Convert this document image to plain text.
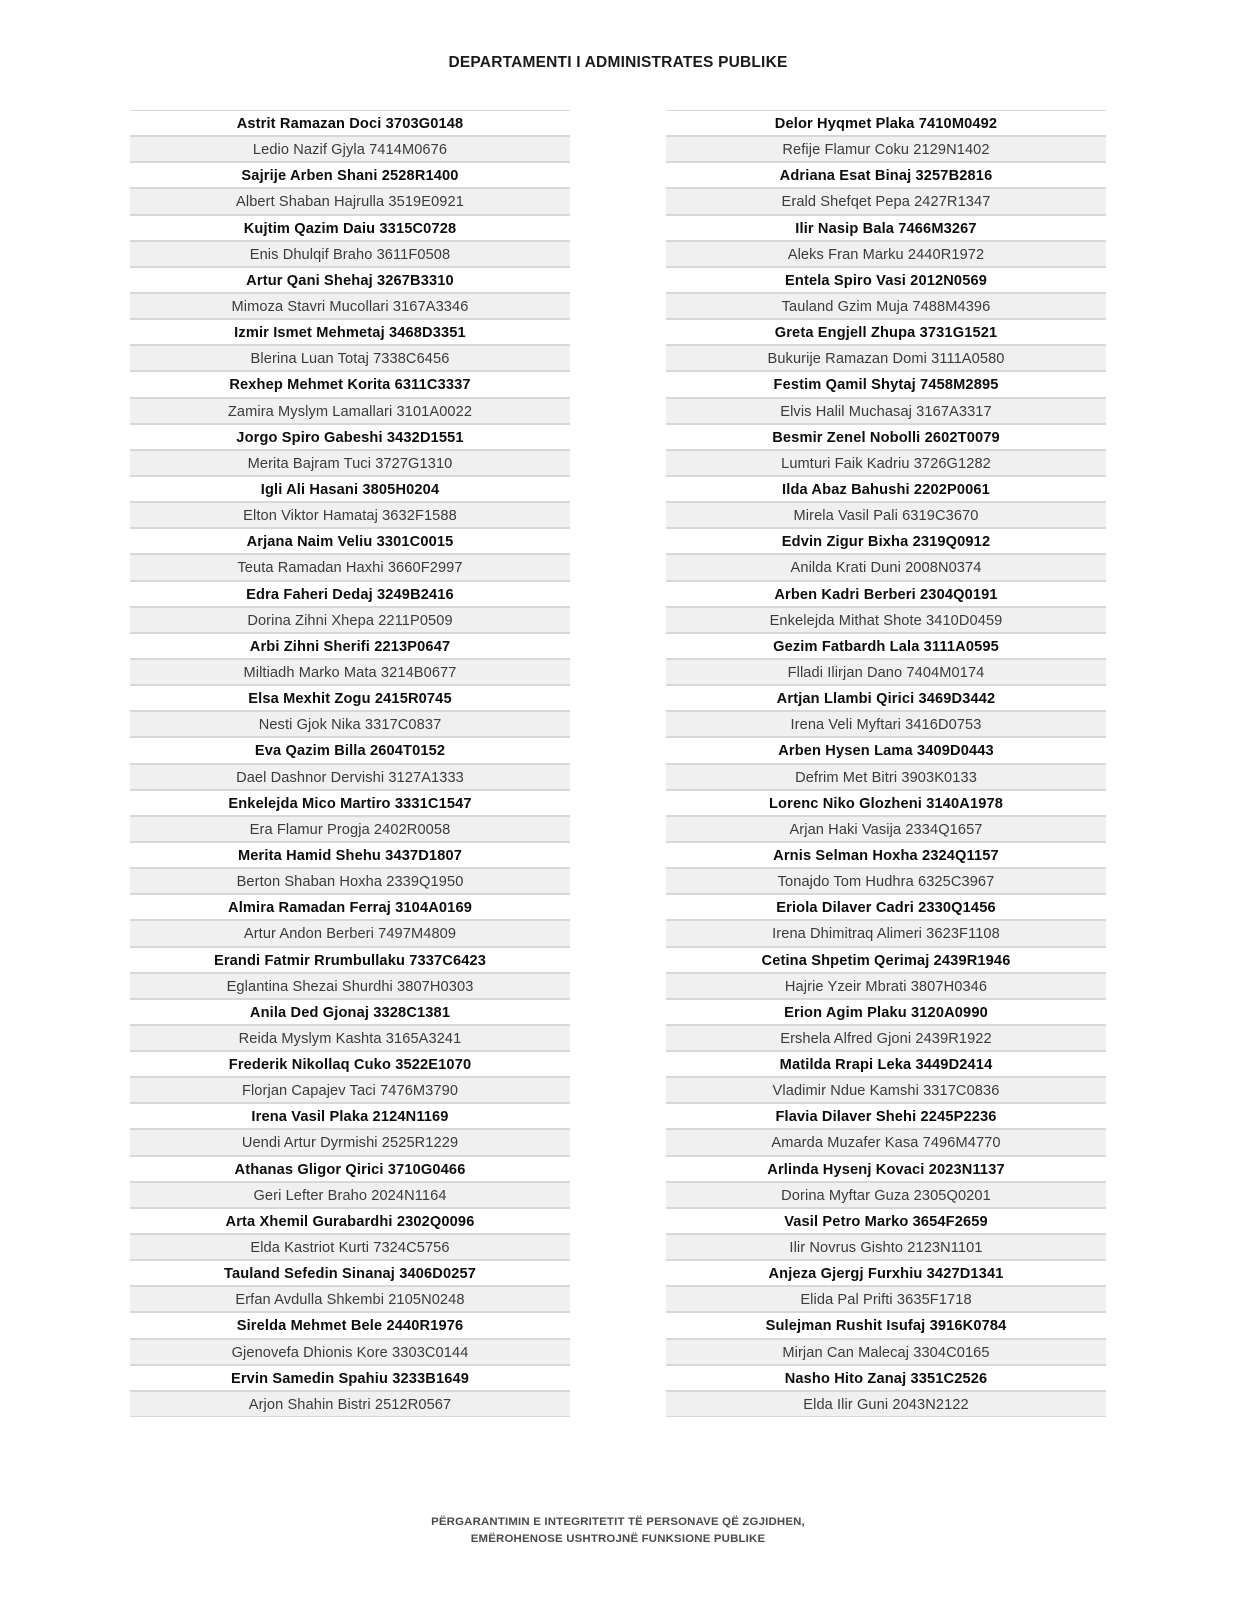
DEPARTAMENTI I ADMINISTRATES PUBLIKE
Astrit Ramazan Doci 3703G0148
Ledio Nazif Gjyla 7414M0676
Sajrije Arben Shani 2528R1400
Albert Shaban Hajrulla 3519E0921
Kujtim Qazim Daiu 3315C0728
Enis Dhulqif Braho 3611F0508
Artur Qani Shehaj 3267B3310
Mimoza Stavri Mucollari 3167A3346
Izmir Ismet Mehmetaj 3468D3351
Blerina Luan Totaj 7338C6456
Rexhep Mehmet Korita 6311C3337
Zamira Myslym Lamallari 3101A0022
Jorgo Spiro Gabeshi 3432D1551
Merita Bajram Tuci 3727G1310
Igli Ali Hasani 3805H0204
Elton Viktor Hamataj 3632F1588
Arjana Naim Veliu 3301C0015
Teuta Ramadan Haxhi 3660F2997
Edra Faheri Dedaj 3249B2416
Dorina Zihni Xhepa 2211P0509
Arbi Zihni Sherifi 2213P0647
Miltiadh Marko Mata 3214B0677
Elsa Mexhit Zogu 2415R0745
Nesti Gjok Nika 3317C0837
Eva Qazim Billa 2604T0152
Dael Dashnor Dervishi 3127A1333
Enkelejda Mico Martiro 3331C1547
Era Flamur Progja 2402R0058
Merita Hamid Shehu 3437D1807
Berton Shaban Hoxha 2339Q1950
Almira Ramadan Ferraj 3104A0169
Artur Andon Berberi 7497M4809
Erandi Fatmir Rrumbullaku 7337C6423
Eglantina Shezai Shurdhi 3807H0303
Anila Ded Gjonaj 3328C1381
Reida Myslym Kashta 3165A3241
Frederik Nikollaq Cuko 3522E1070
Florjan Capajev Taci 7476M3790
Irena Vasil Plaka 2124N1169
Uendi Artur Dyrmishi 2525R1229
Athanas Gligor Qirici 3710G0466
Geri Lefter Braho 2024N1164
Arta Xhemil Gurabardhi 2302Q0096
Elda Kastriot Kurti 7324C5756
Tauland Sefedin Sinanaj 3406D0257
Erfan Avdulla Shkembi 2105N0248
Sirelda Mehmet Bele 2440R1976
Gjenovefa Dhionis Kore 3303C0144
Ervin Samedin Spahiu 3233B1649
Arjon Shahin Bistri 2512R0567
Delor Hyqmet Plaka 7410M0492
Refije Flamur Coku 2129N1402
Adriana Esat Binaj 3257B2816
Erald Shefqet Pepa 2427R1347
Ilir Nasip Bala 7466M3267
Aleks Fran Marku 2440R1972
Entela Spiro Vasi 2012N0569
Tauland Gzim Muja 7488M4396
Greta Engjell Zhupa 3731G1521
Bukurije Ramazan Domi 3111A0580
Festim Qamil Shytaj 7458M2895
Elvis Halil Muchasaj 3167A3317
Besmir Zenel Nobolli 2602T0079
Lumturi Faik Kadriu 3726G1282
Ilda Abaz Bahushi 2202P0061
Mirela Vasil Pali 6319C3670
Edvin Zigur Bixha 2319Q0912
Anilda Krati Duni 2008N0374
Arben Kadri Berberi 2304Q0191
Enkelejda Mithat Shote 3410D0459
Gezim Fatbardh Lala 3111A0595
Flladi Ilirjan Dano 7404M0174
Artjan Llambi Qirici 3469D3442
Irena Veli Myftari 3416D0753
Arben Hysen Lama 3409D0443
Defrim Met Bitri 3903K0133
Lorenc Niko Glozheni 3140A1978
Arjan Haki Vasija 2334Q1657
Arnis Selman Hoxha 2324Q1157
Tonajdo Tom Hudhra 6325C3967
Eriola Dilaver Cadri 2330Q1456
Irena Dhimitraq Alimeri 3623F1108
Cetina Shpetim Qerimaj 2439R1946
Hajrie Yzeir Mbrati 3807H0346
Erion Agim Plaku 3120A0990
Ershela Alfred Gjoni 2439R1922
Matilda Rrapi Leka 3449D2414
Vladimir Ndue Kamshi 3317C0836
Flavia Dilaver Shehi 2245P2236
Amarda Muzafer Kasa 7496M4770
Arlinda Hysenj Kovaci 2023N1137
Dorina Myftar Guza 2305Q0201
Vasil Petro Marko 3654F2659
Ilir Novrus Gishto 2123N1101
Anjeza Gjergj Furxhiu 3427D1341
Elida Pal Prifti 3635F1718
Sulejman Rushit Isufaj 3916K0784
Mirjan Can Malecaj 3304C0165
Nasho Hito Zanaj 3351C2526
Elda Ilir Guni 2043N2122
PËRGARANTIMIN E INTEGRITETIT TË PERSONAVE QË ZGJIDHEN,
EMËROHENOSE USHTROJNË FUNKSIONE PUBLIKE
